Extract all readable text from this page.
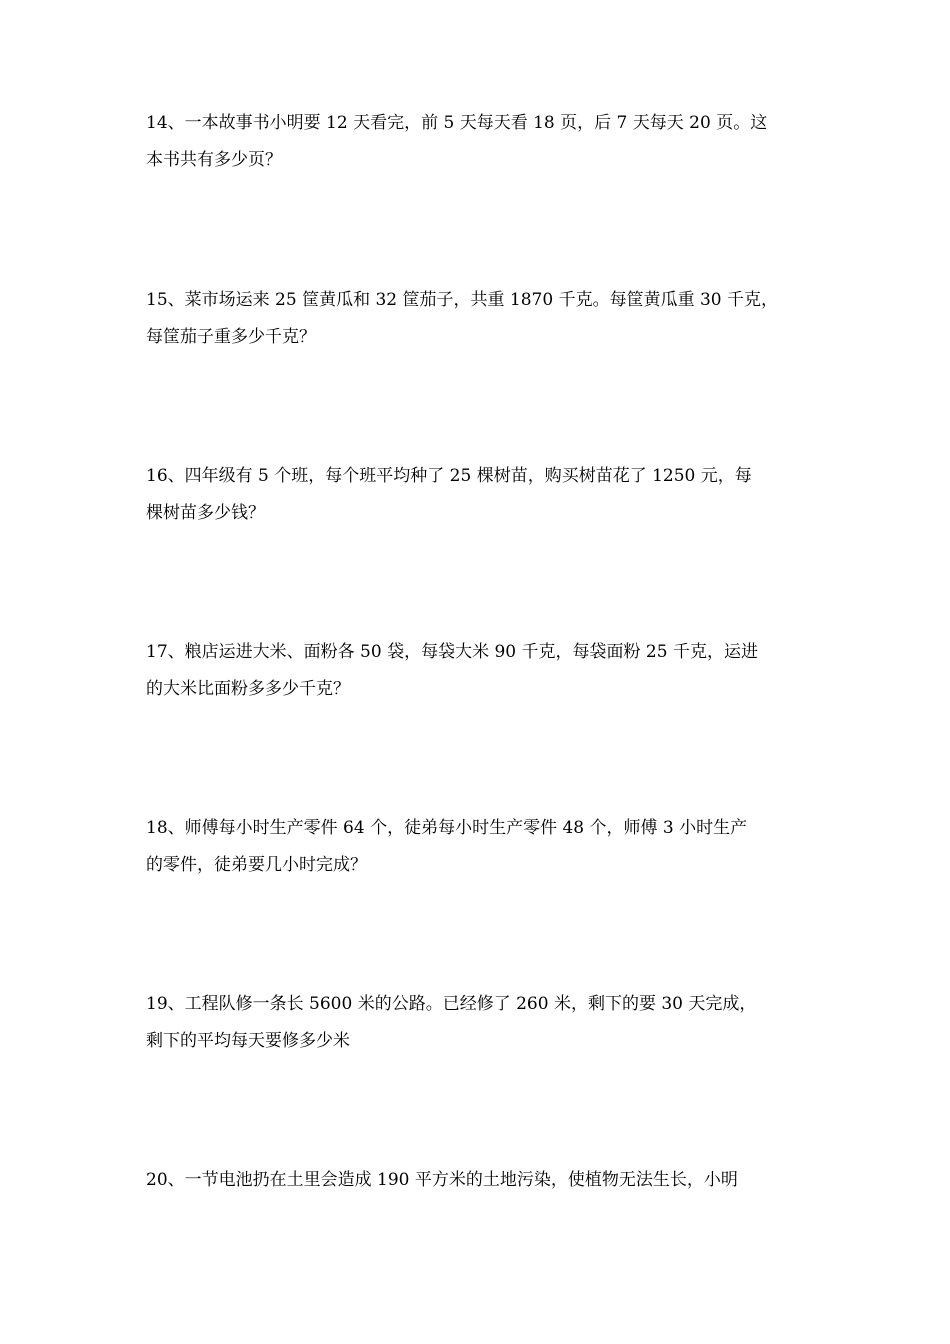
14、一本故事书小明要 12 天看完，前 5 天每天看 18 页，后 7 天每天 20 页。这
本书共有多少页？
15、菜市场运来 25 筐黄瓜和 32 筐茄子，共重 1870 千克。每筐黄瓜重 30 千克，
每筐茄子重多少千克？
16、四年级有 5 个班，每个班平均种了 25 棵树苗，购买树苗花了 1250 元，每
棵树苗多少钱？
17、粮店运进大米、面粉各 50 袋，每袋大米 90 千克，每袋面粉 25 千克，运进
的大米比面粉多多少千克？
18、师傅每小时生产零件 64 个，徒弟每小时生产零件 48 个，师傅 3 小时生产
的零件，徒弟要几小时完成？
19、工程队修一条长 5600 米的公路。已经修了 260 米，剩下的要 30 天完成，
剩下的平均每天要修多少米
20、一节电池扔在土里会造成 190 平方米的土地污染，使植物无法生长，小明
